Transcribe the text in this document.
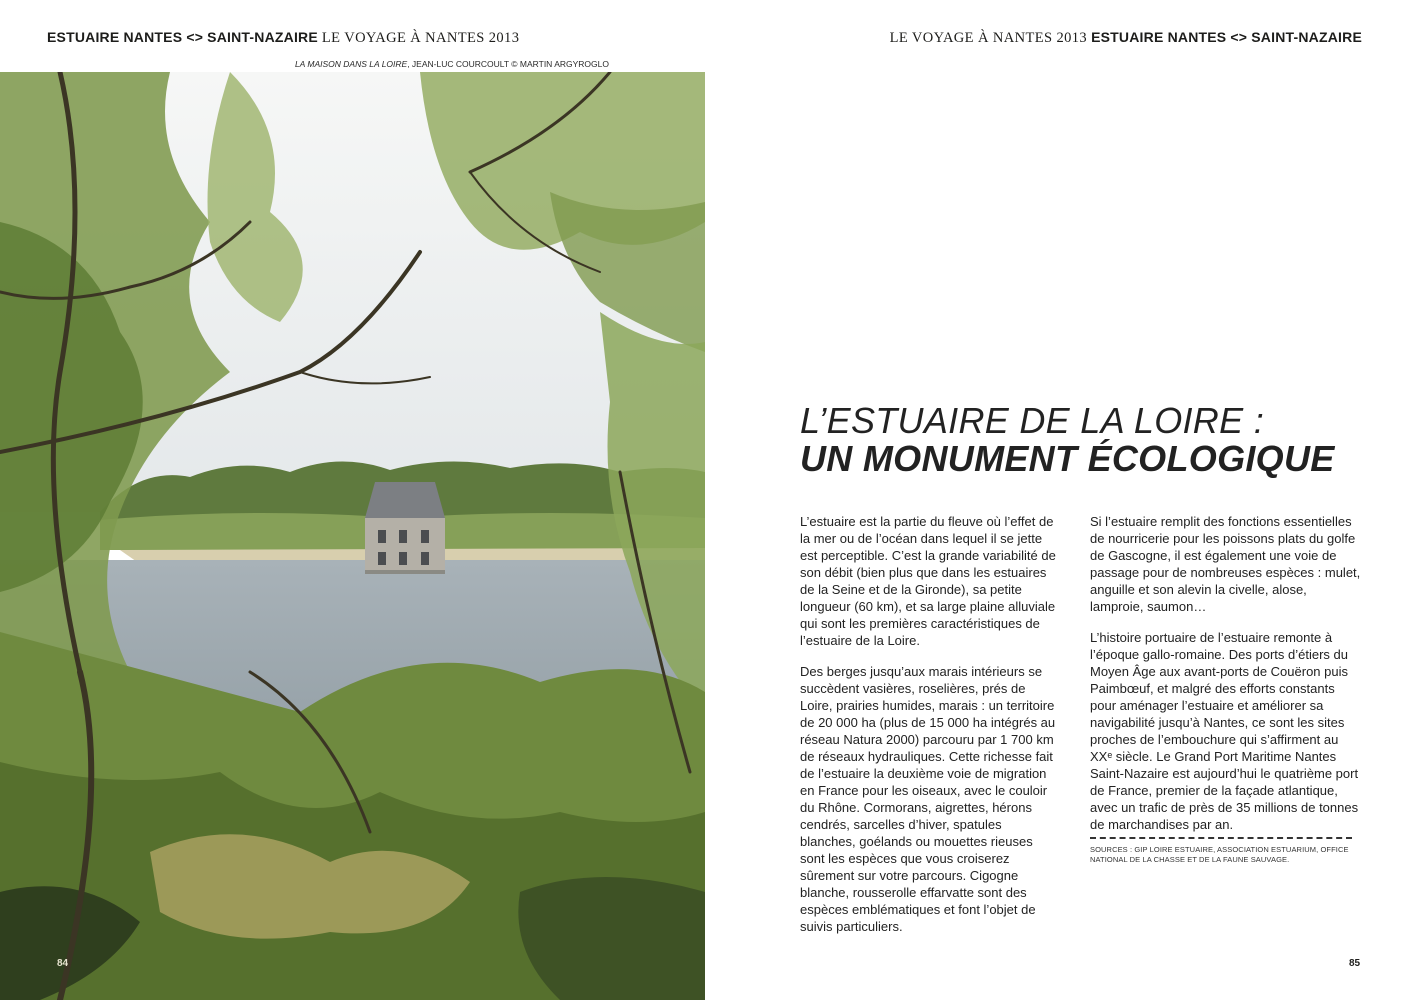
ESTUAIRE NANTES <> SAINT-NAZAIRE LE VOYAGE À NANTES 2013	LE VOYAGE À NANTES 2013 ESTUAIRE NANTES <> SAINT-NAZAIRE
LA MAISON DANS LA LOIRE, JEAN-LUC COURCOULT © MARTIN ARGYROGLO
84
L’ESTUAIRE DE LA LOIRE :
UN MONUMENT ÉCOLOGIQUE

L’estuaire est la partie du fleuve où l’effet de la mer ou de l’océan dans lequel il se jette est perceptible. C’est la grande variabilité de son débit (bien plus que dans les estuaires de la Seine et de la Gironde), sa petite longueur (60 km), et sa large plaine alluviale qui sont les premières caractéristiques de l’estuaire de la Loire.

Des berges jusqu’aux marais intérieurs se succèdent vasières, roselières, prés de Loire, prairies humides, marais : un territoire de 20 000 ha (plus de 15 000 ha intégrés au réseau Natura 2000) parcouru par 1 700 km de réseaux hydrauliques. Cette richesse fait de l’estuaire la deuxième voie de migration en France pour les oiseaux, avec le couloir du Rhône. Cormorans, aigrettes, hérons cendrés, sarcelles d’hiver, spatules blanches, goélands ou mouettes rieuses sont les espèces que vous croiserez sûrement sur votre parcours. Cigogne blanche, rousserolle effarvatte sont des espèces emblématiques et font l’objet de suivis particuliers.

Si l’estuaire remplit des fonctions essentielles de nourricerie pour les poissons plats du golfe de Gascogne, il est également une voie de passage pour de nombreuses espèces : mulet, anguille et son alevin la civelle, alose, lamproie, saumon…

L’histoire portuaire de l’estuaire remonte à l’époque gallo-romaine. Des ports d’étiers du Moyen Âge aux avant-ports de Couëron puis Paimbœuf, et malgré des efforts constants pour aménager l’estuaire et améliorer sa navigabilité jusqu’à Nantes, ce sont les sites proches de l’embouchure qui s’affirment au XXᵉ siècle. Le Grand Port Maritime Nantes Saint-Nazaire est aujourd’hui le quatrième port de France, premier de la façade atlantique, avec un trafic de près de 35 millions de tonnes de marchandises par an.

SOURCES : GIP LOIRE ESTUAIRE, ASSOCIATION ESTUARIUM, OFFICE NATIONAL DE LA CHASSE ET DE LA FAUNE SAUVAGE.
85
